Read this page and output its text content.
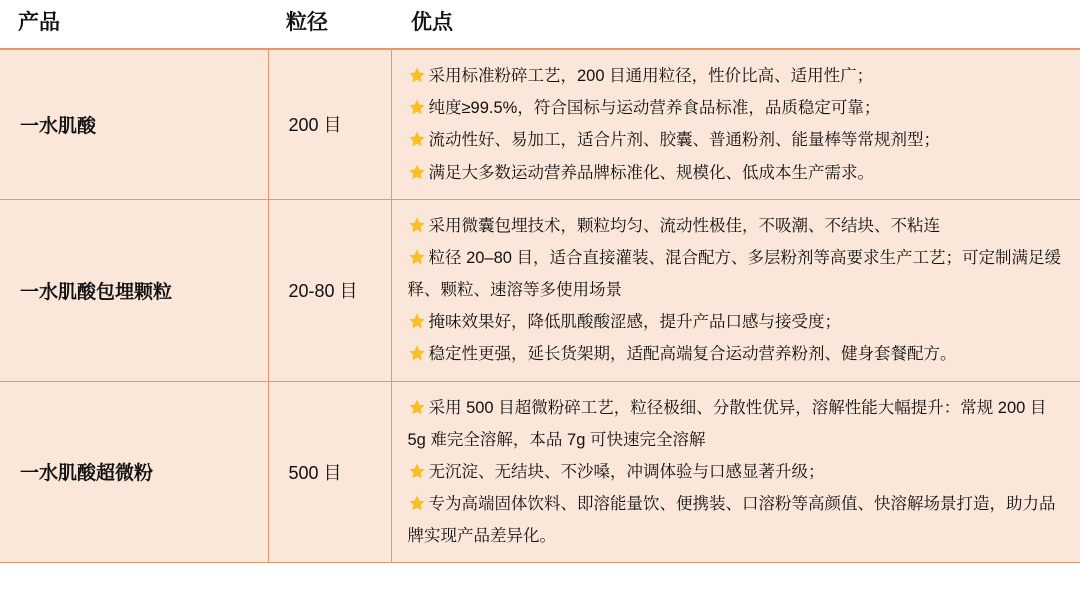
产品	粒径	优点
一水肌酸	200 目	采用标准粉碎工艺，200 目通用粒径，性价比高、适用性广；
纯度≥99.5%，符合国标与运动营养食品标准，品质稳定可靠；
流动性好、易加工，适合片剂、胶囊、普通粉剂、能量棒等常规剂型；
满足大多数运动营养品牌标准化、规模化、低成本生产需求。

一水肌酸包埋颗粒	20-80 目	采用微囊包埋技术，颗粒均匀、流动性极佳，不吸潮、不结块、不粘连
粒径 20–80 目，适合直接灌装、混合配方、多层粉剂等高要求生产工艺；可定制满足缓释、颗粒、速溶等多使用场景
掩味效果好，降低肌酸酸涩感，提升产品口感与接受度；
稳定性更强，延长货架期，适配高端复合运动营养粉剂、健身套餐配方。

一水肌酸超微粉	500 目	采用 500 目超微粉碎工艺，粒径极细、分散性优异，溶解性能大幅提升：常规 200 目 5g 难完全溶解，本品 7g 可快速完全溶解
无沉淀、无结块、不沙嗓，冲调体验与口感显著升级；
专为高端固体饮料、即溶能量饮、便携装、口溶粉等高颜值、快溶解场景打造，助力品牌实现产品差异化。
